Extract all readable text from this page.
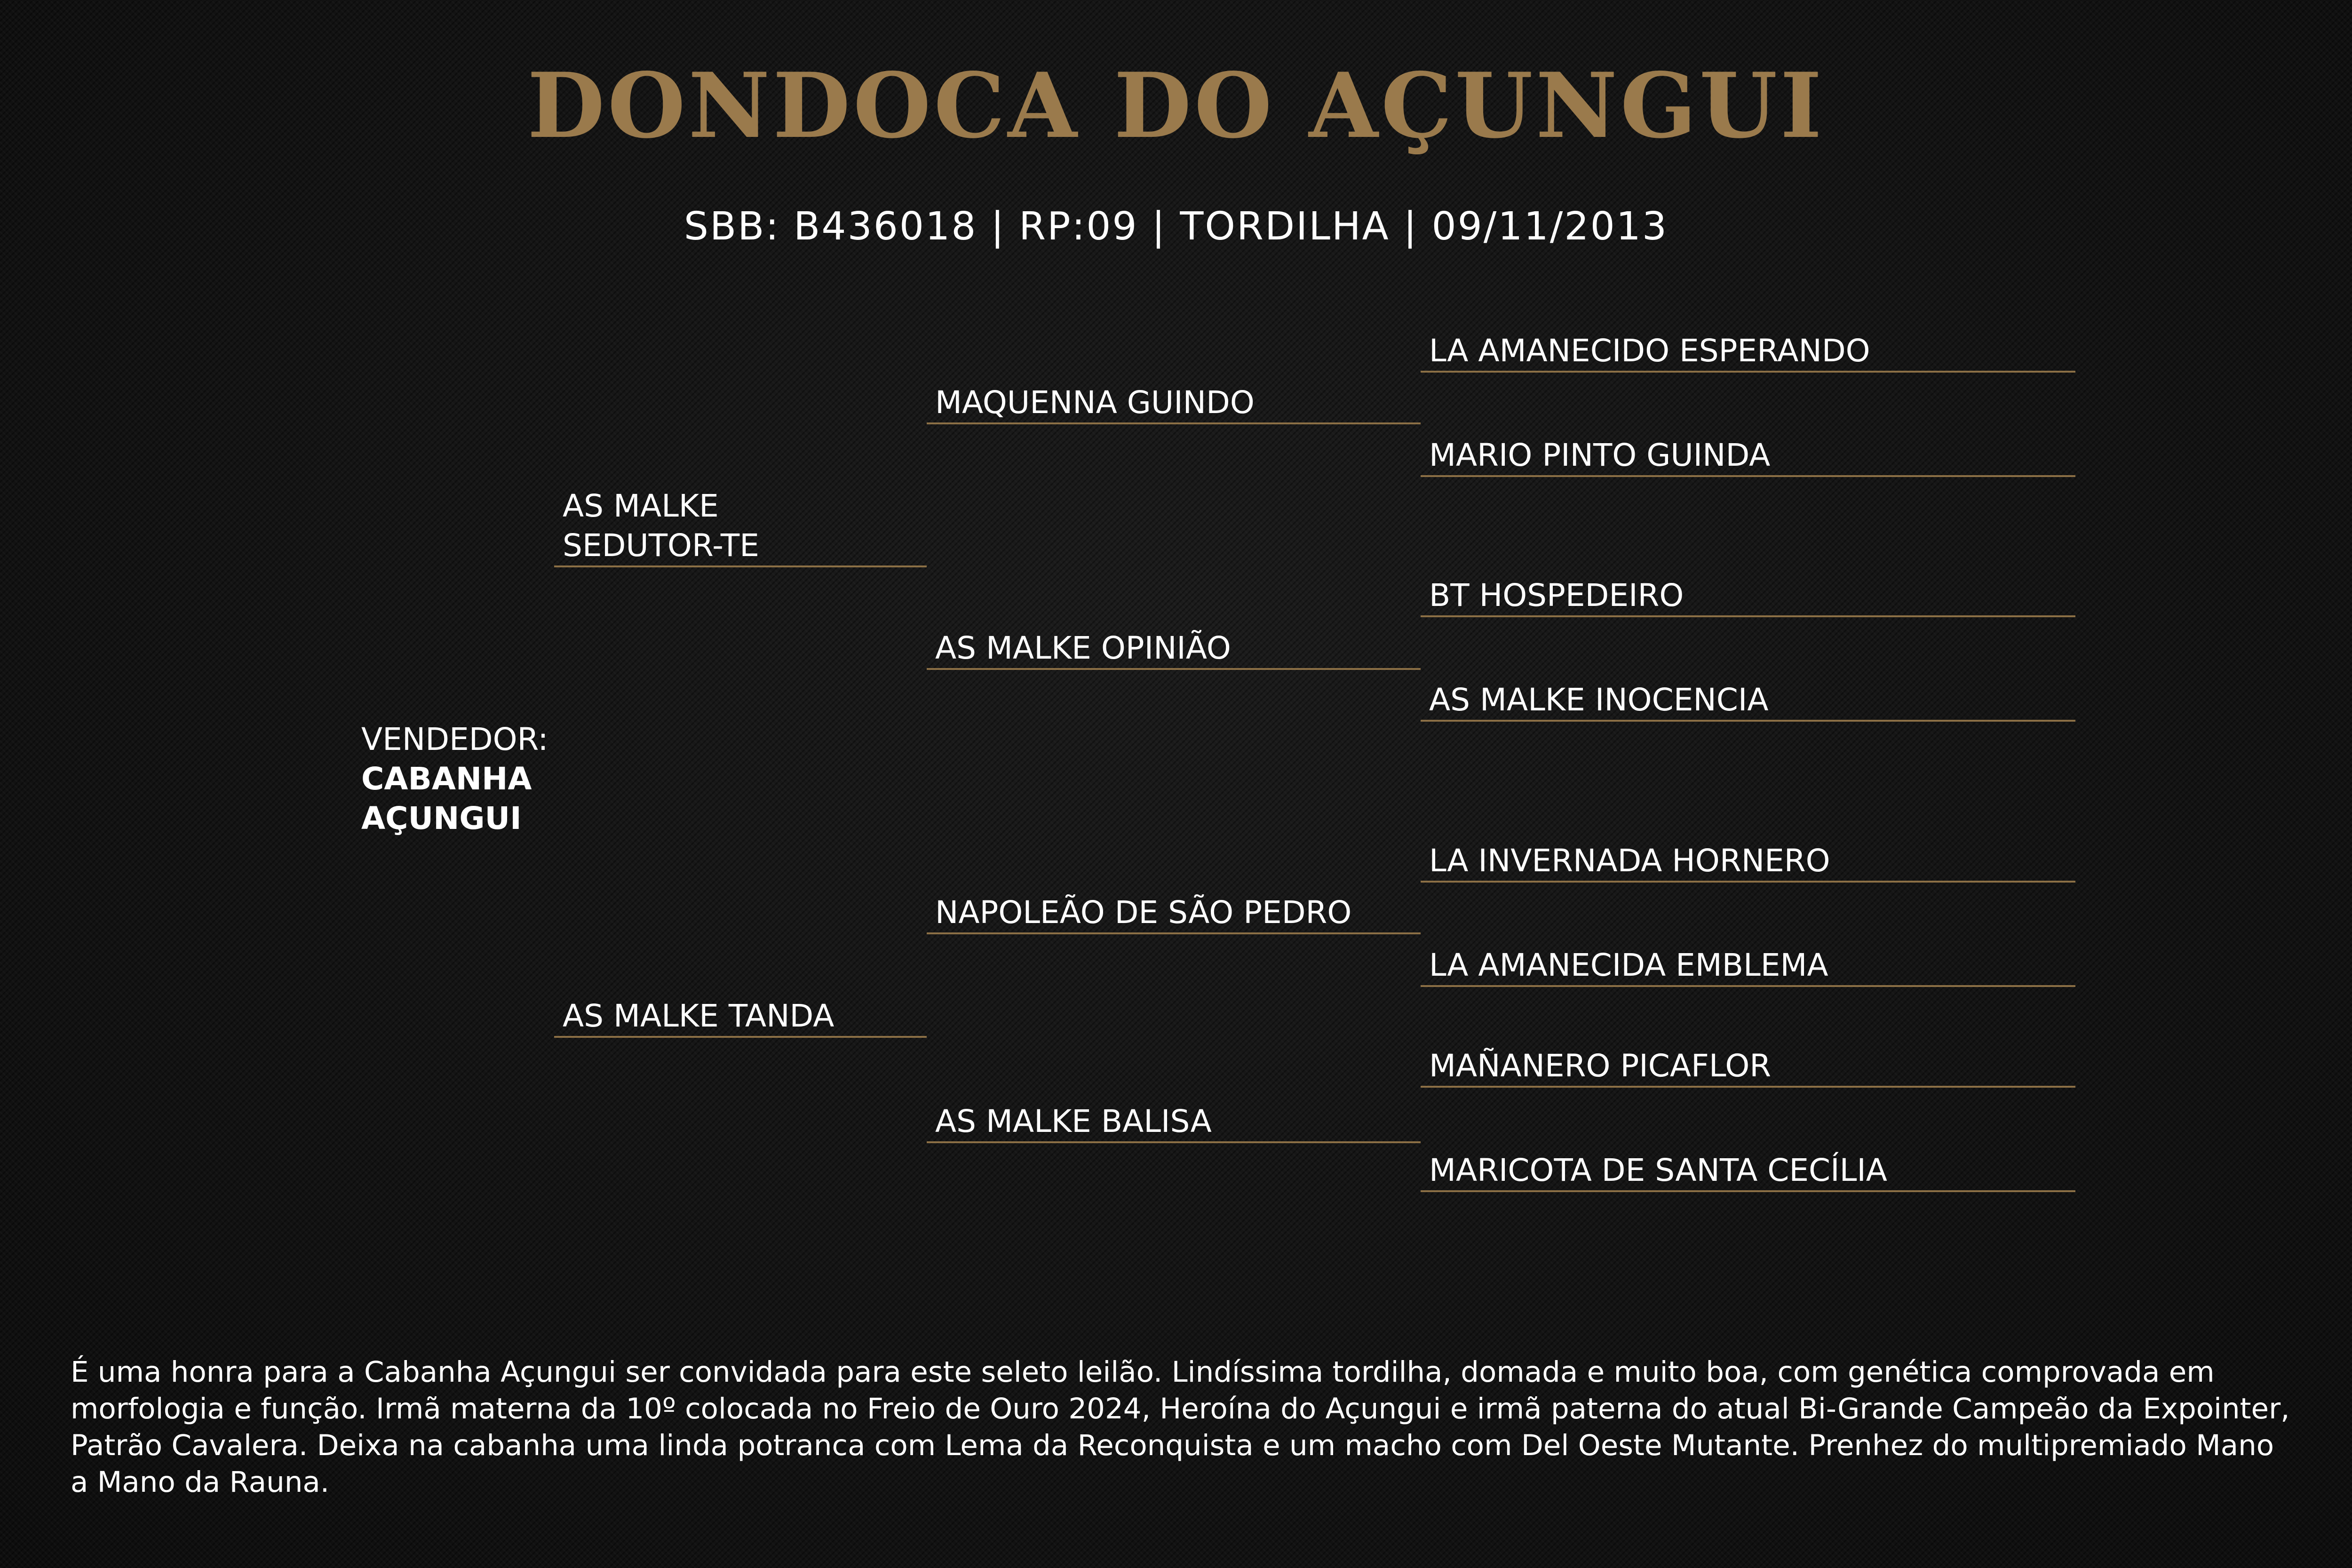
DONDOCA DO AÇUNGUI
SBB: B436018 | RP:09 | TORDILHA | 09/11/2013
VENDEDOR:
CABANHA
AÇUNGUI
AS MALKE
SEDUTOR-TE
AS MALKE TANDA
MAQUENNA GUINDO
AS MALKE OPINIÃO
NAPOLEÃO DE SÃO PEDRO
AS MALKE BALISA
LA AMANECIDO ESPERANDO
MARIO PINTO GUINDA
BT HOSPEDEIRO
AS MALKE INOCENCIA
LA INVERNADA HORNERO
LA AMANECIDA EMBLEMA
MAÑANERO PICAFLOR
MARICOTA DE SANTA CECÍLIA
É uma honra para a Cabanha Açungui ser convidada para este seleto leilão. Lindíssima tordilha, domada e muito boa, com genética comprovada em morfologia e função. Irmã materna da 10º colocada no Freio de Ouro 2024, Heroína do Açungui e irmã paterna do atual Bi-Grande Campeão da Expointer, Patrão Cavalera. Deixa na cabanha uma linda potranca com Lema da Reconquista e um macho com Del Oeste Mutante. Prenhez do multipremiado Mano a Mano da Rauna.
